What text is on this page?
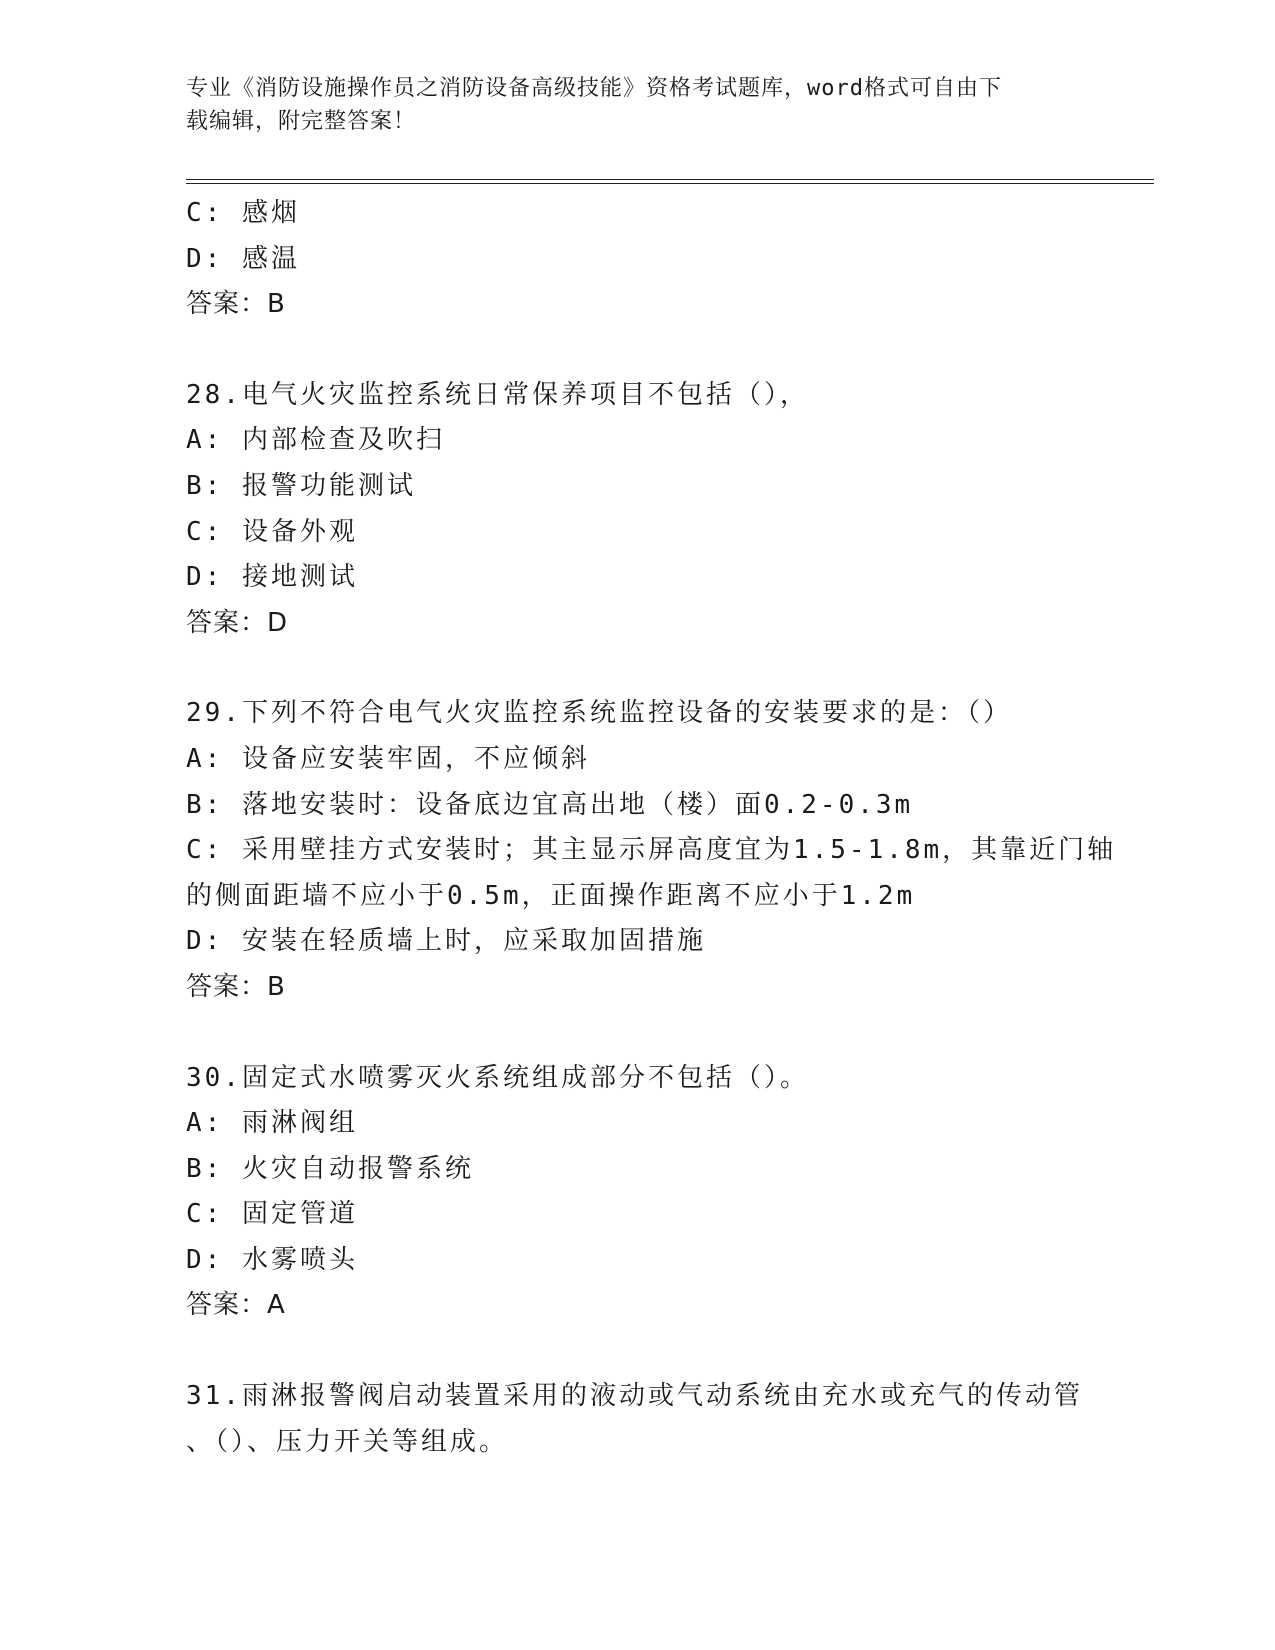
专业《消防设施操作员之消防设备高级技能》资格考试题库，word格式可自由下
载编辑，附完整答案！
C: 感烟
D: 感温
答案：B
28.电气火灾监控系统日常保养项目不包括（），
A: 内部检查及吹扫
B: 报警功能测试
C: 设备外观
D: 接地测试
答案：D
29.下列不符合电气火灾监控系统监控设备的安装要求的是：（）
A: 设备应安装牢固，不应倾斜
B: 落地安装时：设备底边宜高出地（楼）面0.2-0.3m
C: 采用壁挂方式安装时；其主显示屏高度宜为1.5-1.8m，其靠近门轴
的侧面距墙不应小于0.5m，正面操作距离不应小于1.2m
D: 安装在轻质墙上时，应采取加固措施
答案：B
30.固定式水喷雾灭火系统组成部分不包括（）。
A: 雨淋阀组
B: 火灾自动报警系统
C: 固定管道
D: 水雾喷头
答案：A
31.雨淋报警阀启动装置采用的液动或气动系统由充水或充气的传动管
、（）、压力开关等组成。
